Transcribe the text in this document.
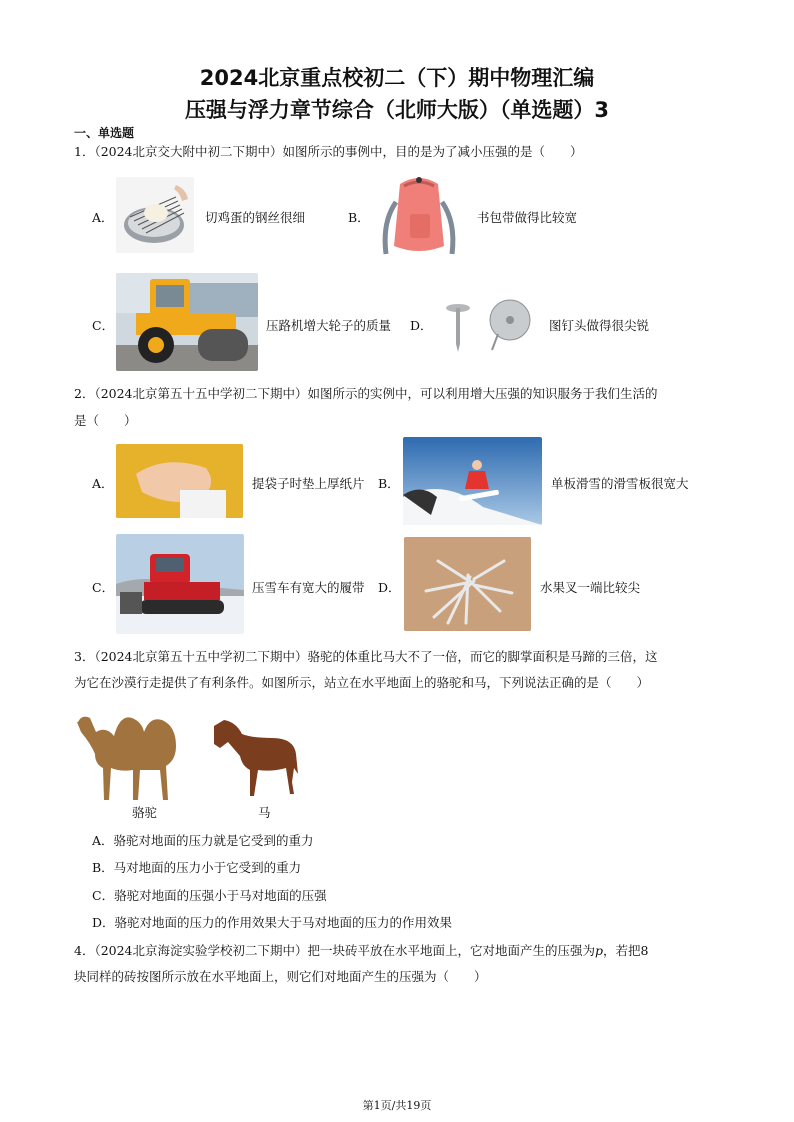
2024北京重点校初二（下）期中物理汇编
压强与浮力章节综合（北师大版）（单选题）3
一、单选题
1．（2024北京交大附中初二下期中）如图所示的事例中，目的是为了减小压强的是（　　）
A．	切鸡蛋的钢丝很细	B．	书包带做得比较宽
C．	压路机增大轮子的质量 D．	图钉头做得很尖锐
2．（2024北京第五十五中学初二下期中）如图所示的实例中，可以利用增大压强的知识服务于我们生活的
是（　　）
A．	提袋子时垫上厚纸片 B．	单板滑雪的滑雪板很宽大
C．	压雪车有宽大的履带 D．	水果叉一端比较尖
3．（2024北京第五十五中学初二下期中）骆驼的体重比马大不了一倍，而它的脚掌面积是马蹄的三倍，这
为它在沙漠行走提供了有利条件。如图所示，站立在水平地面上的骆驼和马，下列说法正确的是（　　）
骆驼	马
A．骆驼对地面的压力就是它受到的重力
B．马对地面的压力小于它受到的重力
C．骆驼对地面的压强小于马对地面的压强
D．骆驼对地面的压力的作用效果大于马对地面的压力的作用效果
4．（2024北京海淀实验学校初二下期中）把一块砖平放在水平地面上，它对地面产生的压强为p，若把8
块同样的砖按图所示放在水平地面上，则它们对地面产生的压强为（　　）
第1页/共19页
